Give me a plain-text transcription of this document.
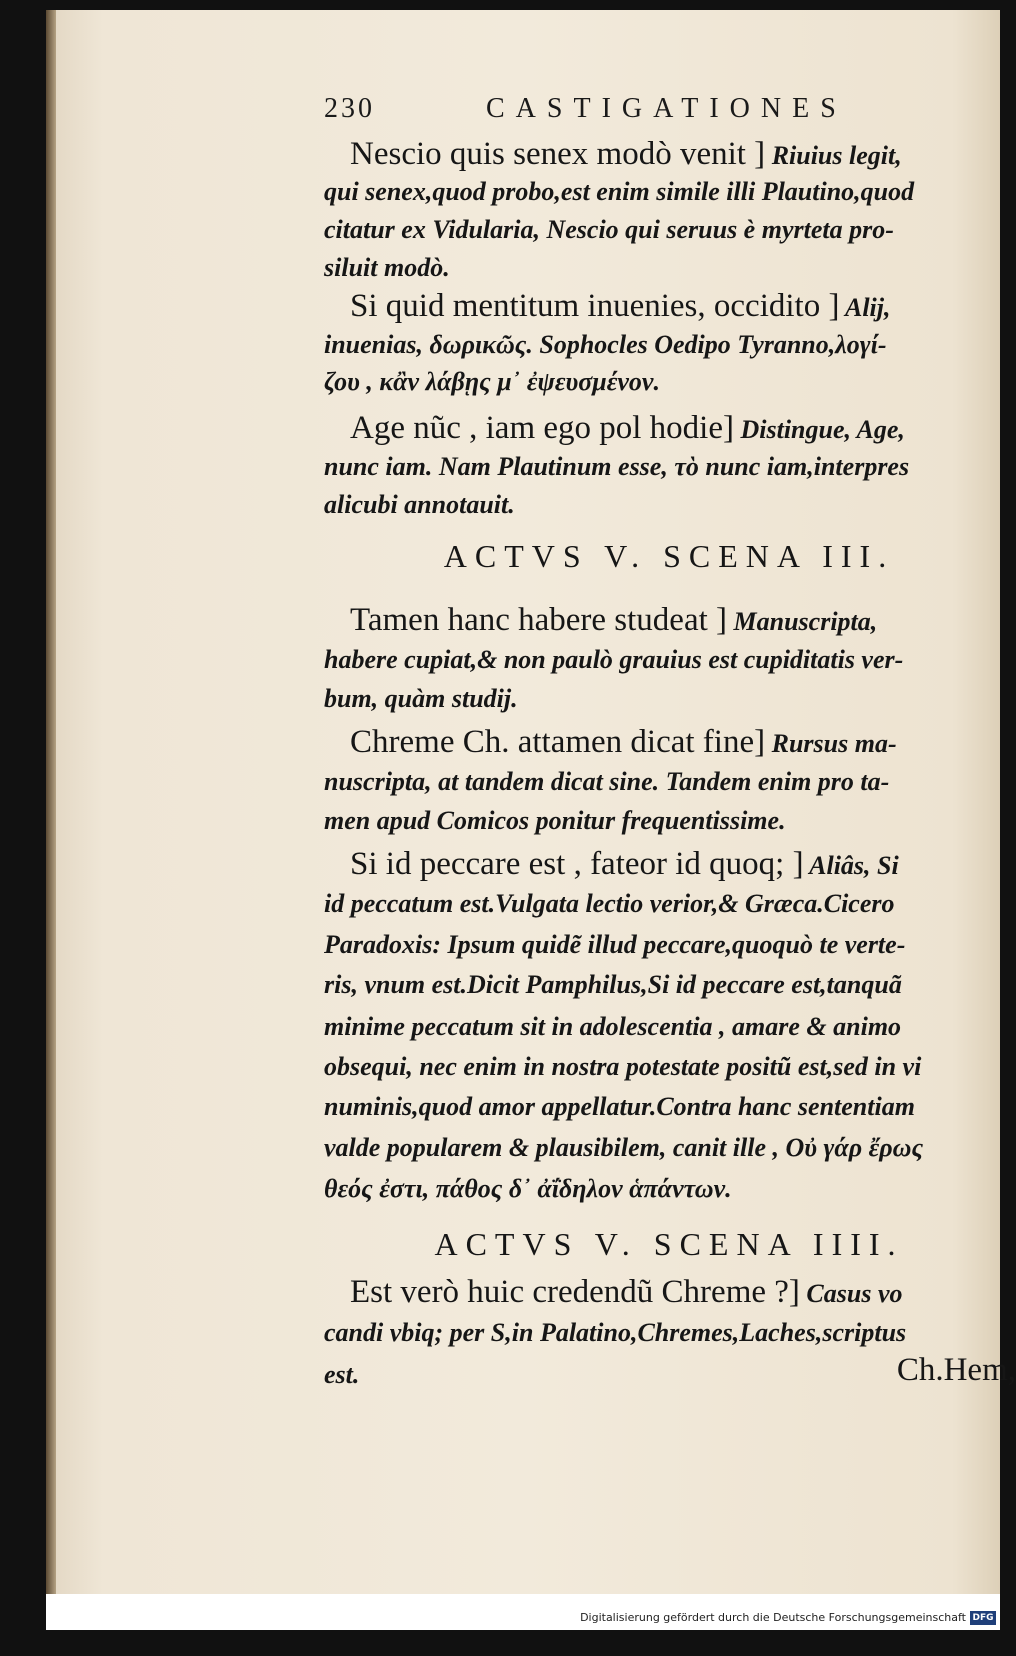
230	CASTIGATIONES
Nescio quis senex modò venit ] Riuius legit,
qui senex,quod probo,est enim simile illi Plautino,quod
citatur ex Vidularia, Nescio qui seruus è myrteta pro-
siluit modò.
Si quid mentitum inuenies, occidito ] Alij,
inuenias, δωρικῶς. Sophocles Oedipo Tyranno,λογί-
ζου , κἂν λάβῃς μ᾽ ἐψευσμένον.
Age nũc , iam ego pol hodie] Distingue, Age,
nunc iam. Nam Plautinum esse, τὸ nunc iam,interpres
alicubi annotauit.
ACTVS V. SCENA III.
Tamen hanc habere studeat ] Manuscripta,
habere cupiat,& non paulò grauius est cupiditatis ver-
bum, quàm studij.
Chreme Ch. attamen dicat fine] Rursus ma-
nuscripta, at tandem dicat sine. Tandem enim pro ta-
men apud Comicos ponitur frequentissime.
Si id peccare est , fateor id quoq; ] Aliâs, Si
id peccatum est.Vulgata lectio verior,& Græca.Cicero
Paradoxis: Ipsum quidẽ illud peccare,quoquò te verte-
ris, vnum est.Dicit Pamphilus,Si id peccare est,tanquã
minime peccatum sit in adolescentia , amare & animo
obsequi, nec enim in nostra potestate positũ est,sed in vi
numinis,quod amor appellatur.Contra hanc sententiam
valde popularem & plausibilem, canit ille , Οὐ γάρ ἔρως
θεός ἐστι, πάθος δ᾽ ἀΐδηλον ἁπάντων.
ACTVS V. SCENA IIII.
Est verò huic credendũ Chreme ?] Casus vo
candi vbiq; per S,in Palatino,Chremes,Laches,scriptus
est.	Ch.Hem,
Digitalisierung gefördert durch die Deutsche Forschungsgemeinschaft DFG
